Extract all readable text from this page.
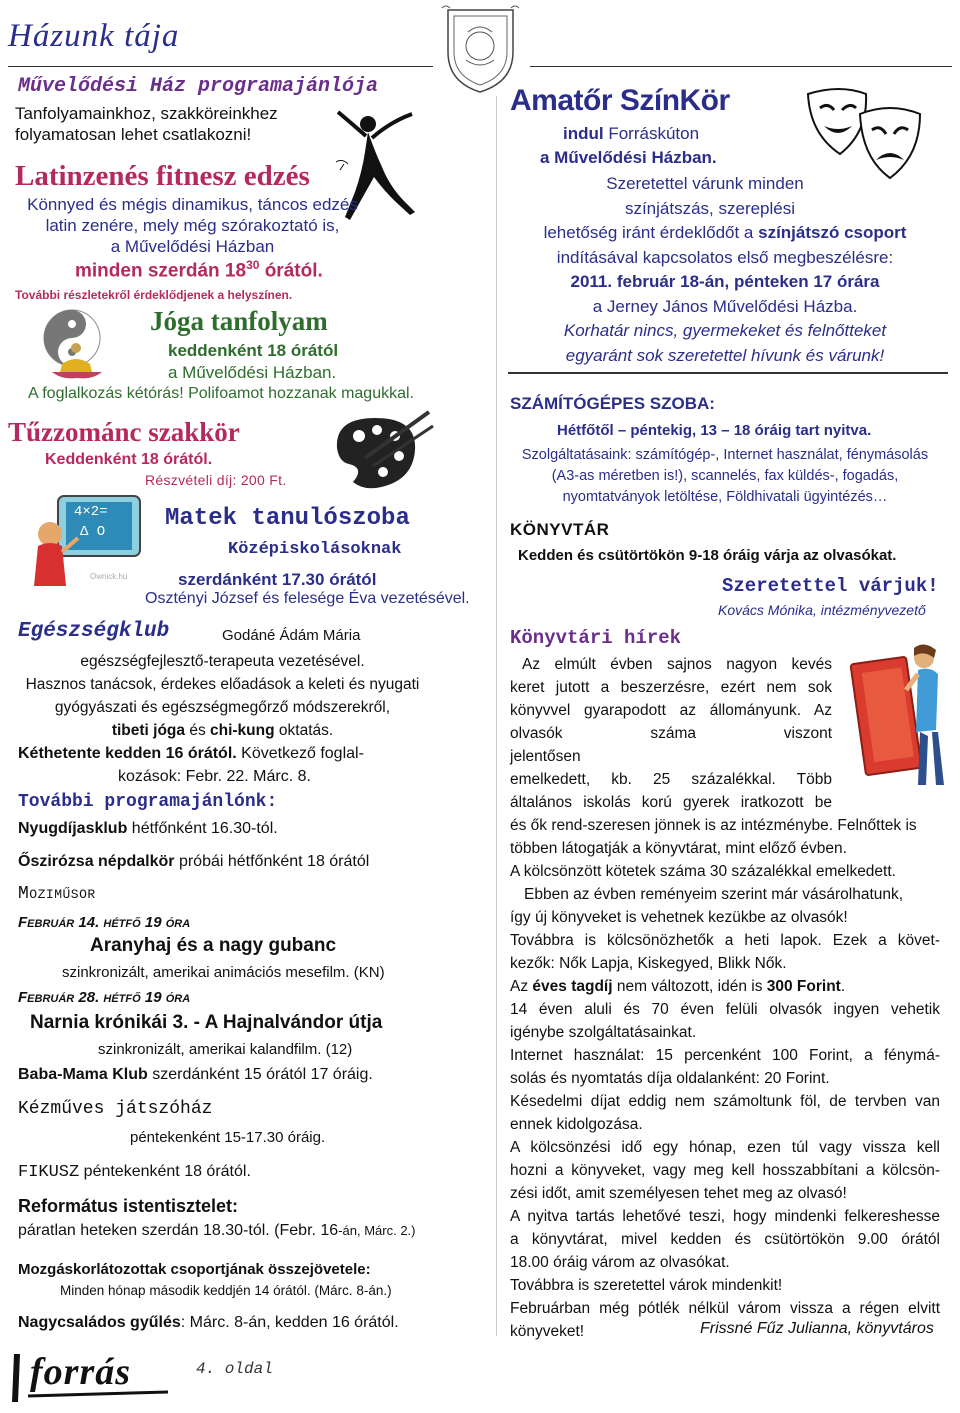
Házunk tája
Művelődési Ház programajánlója
Tanfolyamainkhoz, szakköreinkhez folyamatosan lehet csatlakozni!
Latinzenés fitnesz edzés
Könnyed és mégis dinamikus, táncos edzés
latin zenére, mely még szórakoztató is,
a Művelődési Házban
minden szerdán $18^{30}$ órától.
További részletekről érdeklődjenek a helyszínen.
Jóga tanfolyam
keddenként 18 órától
a Művelődési Házban.
A foglalkozás kétórás! Polifoamot hozzanak magukkal.
Tűzzománc szakkör
Keddenként 18 órától.
Részvételi díj: 200 Ft.
4×2=
Δ O
Ownick.hu
Matek tanulószoba
Középiskolásoknak
szerdánként 17.30 órától
Osztényi József és felesége Éva vezetésével.
Egészségklub	Godáné Ádám Mária
egészségfejlesztő-terapeuta vezetésével.
Hasznos tanácsok, érdekes előadások a keleti és nyugati
gyógyászati és egészségmegőrző módszerekről,
tibeti jóga és chi-kung oktatás.
Kéthetente kedden 16 órától. Következő foglal-
kozások: Febr. 22. Márc. 8.
További programajánlónk:
Nyugdíjasklub hétfőnként 16.30-tól.
Őszirózsa népdalkör próbái hétfőnként 18 órától
Moziműsor
Február 14. hétfő 19 óra
Aranyhaj és a nagy gubanc
szinkronizált, amerikai animációs mesefilm. (KN)
Február 28. hétfő 19 óra
Narnia krónikái 3. - A Hajnalvándor útja
szinkronizált, amerikai kalandfilm. (12)
Baba-Mama Klub szerdánként 15 órától 17 óráig.
Kézműves játszóház
péntekenként 15-17.30 óráig.
FIKUSZ péntekenként 18 órától.
Református istentisztelet:
páratlan heteken szerdán 18.30-tól. (Febr. 16-án, Márc. 2.)
Mozgáskorlátozottak csoportjának összejövetele:
Minden hónap második keddjén 14 órától. (Márc. 8-án.)
Nagycsaládos gyűlés: Márc. 8-án, kedden 16 órától.
Amatőr SzínKör
indul Forráskúton
a Művelődési Házban.
Szeretettel várunk minden
színjátszás, szereplési
lehetőség iránt érdeklődőt a színjátszó csoport
indításával kapcsolatos első megbeszélésre:
2011. február 18-án, pénteken 17 órára
a Jerney János Művelődési Házba.
Korhatár nincs, gyermekeket és felnőtteket
egyaránt sok szeretettel hívunk és várunk!
SZÁMÍTÓGÉPES SZOBA:
Hétfőtől – péntekig, 13 – 18 óráig tart nyitva.
Szolgáltatásaink: számítógép-, Internet használat, fénymásolás
(A3-as méretben is!), scannelés, fax küldés-, fogadás,
nyomtatványok letöltése, Földhivatali ügyintézés…
KÖNYVTÁR
Kedden és csütörtökön 9-18 óráig várja az olvasókat.
Szeretettel várjuk!
Kovács Mónika, intézményvezető
Könyvtári hírek
Az elmúlt évben sajnos nagyon kevés
keret jutott a beszerzésre, ezért nem sok
könyvvel gyarapodott az állományunk. Az
olvasók száma viszont jelentősen
emelkedett, kb. 25 százalékkal. Több
általános iskolás korú gyerek iratkozott be
és ők rend-szeresen jönnek is az intézménybe. Felnőttek is
többen látogatják a könyvtárat, mint előző évben.
A kölcsönzött kötetek száma 30 százalékkal emelkedett.
Ebben az évben reményeim szerint már vásárolhatunk,
így új könyveket is vehetnek kezükbe az olvasók!
Továbbra is kölcsönözhetők a heti lapok. Ezek a követ-
kezők: Nők Lapja, Kiskegyed, Blikk Nők.
Az éves tagdíj nem változott, idén is 300 Forint.
14 éven aluli és 70 éven felüli olvasók ingyen vehetik
igénybe szolgáltatásainkat.
Internet használat: 15 percenként 100 Forint, a fénymá-
solás és nyomtatás díja oldalanként: 20 Forint.
Késedelmi díjat eddig nem számoltunk föl, de tervben van
ennek kidolgozása.
A kölcsönzési idő egy hónap, ezen túl vagy vissza kell
hozni a könyveket, vagy meg kell hosszabbítani a kölcsön-
zési időt, amit személyesen tehet meg az olvasó!
A nyitva tartás lehetővé teszi, hogy mindenki felkereshesse
a könyvtárat, mivel kedden és csütörtökön 9.00 órától
18.00 óráig várom az olvasókat.
Továbbra is szeretettel várok mindenkit!
Februárban még pótlék nélkül várom vissza a régen elvitt
könyveket!	Frissné Fűz Julianna, könyvtáros
forrás	4. oldal
